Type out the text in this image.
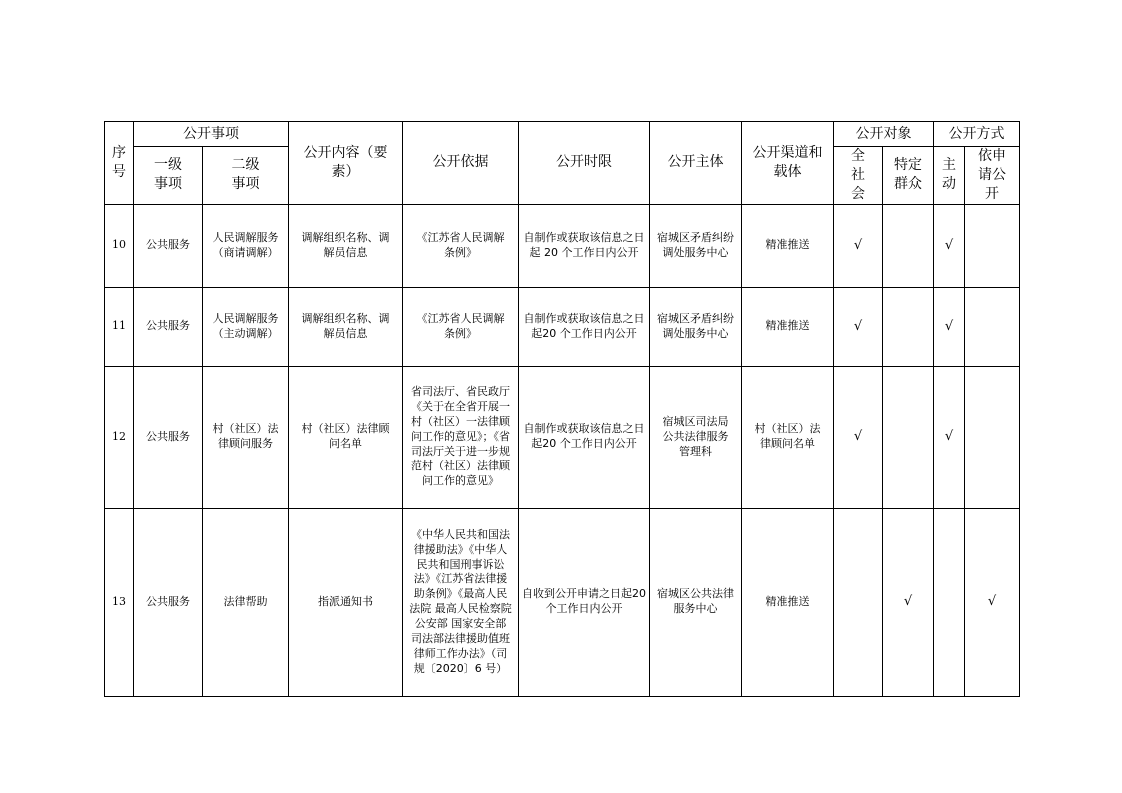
序号	公开事项		公开内容（要素）	公开依据	公开时限	公开主体	公开渠道和载体	公开对象		公开方式	
	一级事项	二级事项						全社会	特定群众	主动	依申请公开
10	公共服务	人民调解服务（商请调解）	调解组织名称、调解员信息	《江苏省人民调解条例》	自制作或获取该信息之日起 20 个工作日内公开	宿城区矛盾纠纷调处服务中心	精准推送	√		√	
11	公共服务	人民调解服务（主动调解）	调解组织名称、调解员信息	《江苏省人民调解条例》	自制作或获取该信息之日起20 个工作日内公开	宿城区矛盾纠纷调处服务中心	精准推送	√		√	
12	公共服务	村（社区）法律顾问服务	村（社区）法律顾问名单	省司法厅、省民政厅《关于在全省开展一村（社区）一法律顾问工作的意见》；《省司法厅关于进一步规范村（社区）法律顾问工作的意见》	自制作或获取该信息之日起20 个工作日内公开	宿城区司法局公共法律服务管理科	村（社区）法律顾问名单	√		√	
13	公共服务	法律帮助	指派通知书	《中华人民共和国法律援助法》《中华人民共和国刑事诉讼法》《江苏省法律援助条例》《最高人民法院 最高人民检察院 公安部 国家安全部 司法部法律援助值班律师工作办法》（司规〔2020〕6 号）	自收到公开申请之日起20 个工作日内公开	宿城区公共法律服务中心	精准推送		√		√
